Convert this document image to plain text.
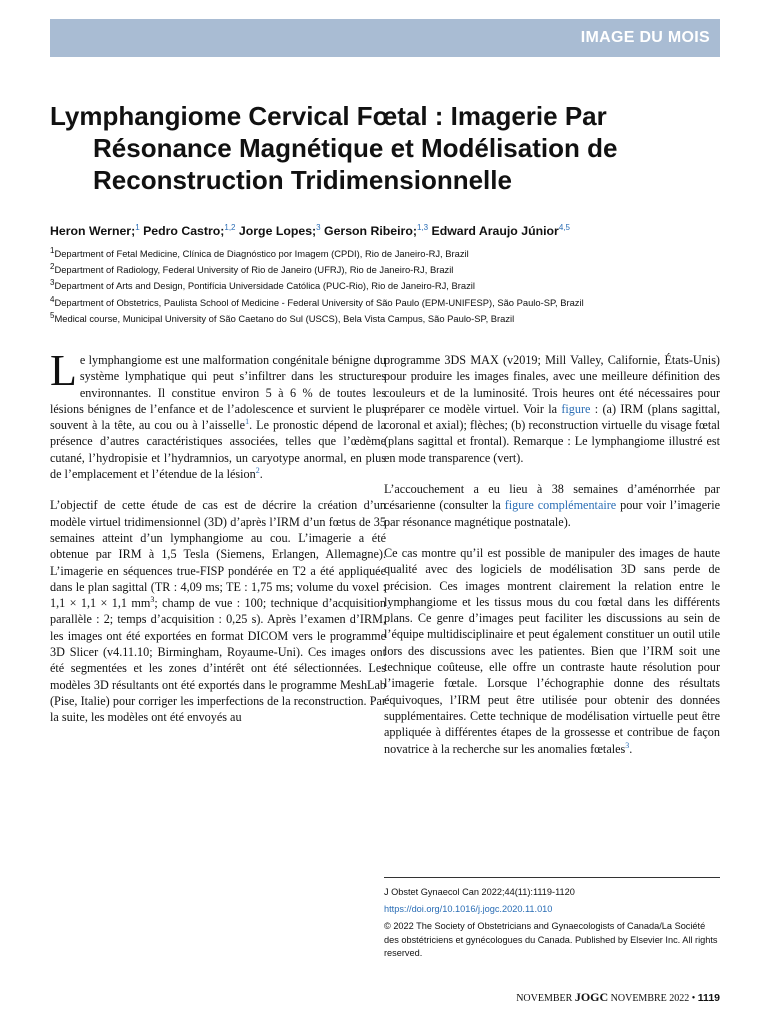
IMAGE DU MOIS
Lymphangiome Cervical Fœtal : Imagerie Par
Résonance Magnétique et Modélisation de
Reconstruction Tridimensionnelle
Heron Werner;$^1$ Pedro Castro;$^{1,2}$ Jorge Lopes;$^3$ Gerson Ribeiro;$^{1,3}$ Edward Araujo Júnior$^{4,5}$
$^1$Department of Fetal Medicine, Clínica de Diagnóstico por Imagem (CPDI), Rio de Janeiro-RJ, Brazil
$^2$Department of Radiology, Federal University of Rio de Janeiro (UFRJ), Rio de Janeiro-RJ, Brazil
$^3$Department of Arts and Design, Pontifícia Universidade Católica (PUC-Rio), Rio de Janeiro-RJ, Brazil
$^4$Department of Obstetrics, Paulista School of Medicine - Federal University of São Paulo (EPM-UNIFESP), São Paulo-SP, Brazil
$^5$Medical course, Municipal University of São Caetano do Sul (USCS), Bela Vista Campus, São Paulo-SP, Brazil

Le lymphangiome est une malformation congénitale bénigne du système lymphatique qui peut s’infiltrer dans les structures environnantes. Il constitue environ 5 à 6 % de toutes les lésions bénignes de l’enfance et de l’adolescence et survient le plus souvent à la tête, au cou ou à l’aisselle$^1$. Le pronostic dépend de la présence d’autres caractéristiques associées, telles que l’œdème cutané, l’hydropisie et l’hydramnios, un caryotype anormal, en plus de l’emplacement et l’étendue de la lésion$^2$.

L’objectif de cette étude de cas est de décrire la création d’un modèle virtuel tridimensionnel (3D) d’après l’IRM d’un fœtus de 35 semaines atteint d’un lymphangiome au cou. L’imagerie a été obtenue par IRM à 1,5 Tesla (Siemens, Erlangen, Allemagne). L’imagerie en séquences true-FISP pondérée en T2 a été appliquée dans le plan sagittal (TR : 4,09 ms; TE : 1,75 ms; volume du voxel : 1,1 × 1,1 × 1,1 $mm^3$; champ de vue : 100; technique d’acquisition parallèle : 2; temps d’acquisition : 0,25 s). Après l’examen d’IRM, les images ont été exportées en format DICOM vers le programme 3D Slicer (v4.11.10; Birmingham, Royaume-Uni). Ces images ont été segmentées et les zones d’intérêt ont été sélectionnées. Les modèles 3D résultants ont été exportés dans le programme MeshLab (Pise, Italie) pour corriger les imperfections de la reconstruction. Par la suite, les modèles ont été envoyés au

programme 3DS MAX (v2019; Mill Valley, Californie, États-Unis) pour produire les images finales, avec une meilleure définition des couleurs et de la luminosité. Trois heures ont été nécessaires pour préparer ce modèle virtuel. Voir la figure : (a) IRM (plans sagittal, coronal et axial); flèches; (b) reconstruction virtuelle du visage fœtal (plans sagittal et frontal). Remarque : Le lymphangiome illustré est en mode transparence (vert).

L’accouchement a eu lieu à 38 semaines d’aménorrhée par césarienne (consulter la figure complémentaire pour voir l’imagerie par résonance magnétique postnatale).

Ce cas montre qu’il est possible de manipuler des images de haute qualité avec des logiciels de modélisation 3D sans perde de précision. Ces images montrent clairement la relation entre le lymphangiome et les tissus mous du cou fœtal dans les différents plans. Ce genre d’images peut faciliter les discussions au sein de l’équipe multidisciplinaire et peut également constituer un outil utile lors des discussions avec les patientes. Bien que l’IRM soit une technique coûteuse, elle offre un contraste haute résolution pour l’imagerie fœtale. Lorsque l’échographie donne des résultats équivoques, l’IRM peut être utilisée pour obtenir des données supplémentaires. Cette technique de modélisation virtuelle peut être appliquée à différentes étapes de la grossesse et contribue de façon novatrice à la recherche sur les anomalies fœtales$^3$.

J Obstet Gynaecol Can 2022;44(11):1119-1120
https://doi.org/10.1016/j.jogc.2020.11.010
© 2022 The Society of Obstetricians and Gynaecologists of Canada/La Société des obstétriciens et gynécologues du Canada. Published by Elsevier Inc. All rights reserved.
NOVEMBER JOGC NOVEMBRE 2022 • 1119
